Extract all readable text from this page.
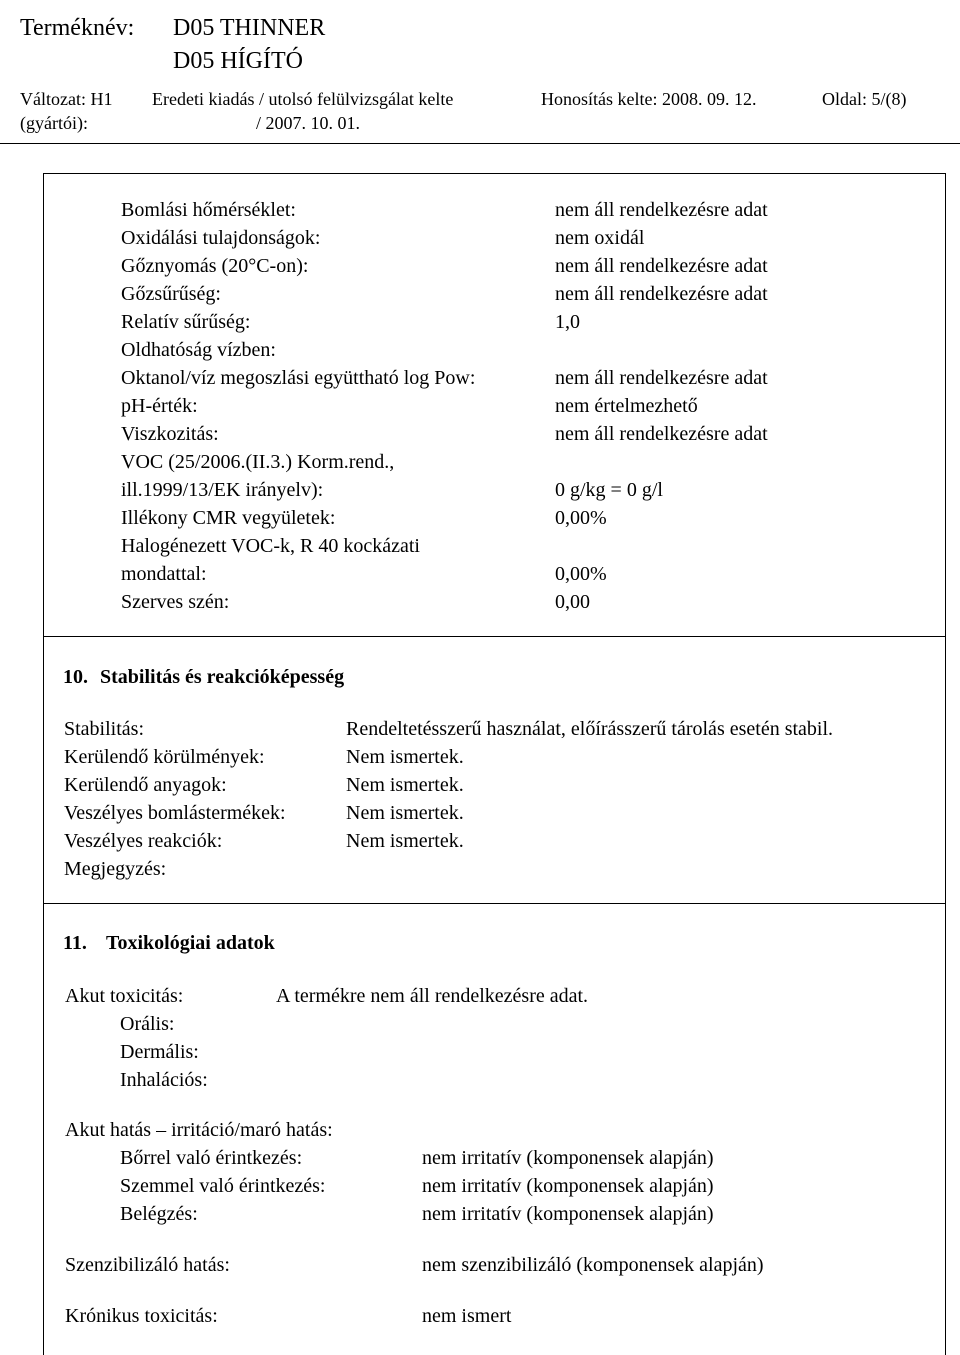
Terméknév: D05 THINNER
D05 HÍGÍTÓ
Változat: H1 Eredeti kiadás / utolsó felülvizsgálat kelte	Honosítás kelte: 2008. 09. 12.	Oldal: 5/(8)
(gyártói):	/ 2007. 10. 01.
Bomlási hőmérséklet:	nem áll rendelkezésre adat
Oxidálási tulajdonságok:	nem oxidál
Gőznyomás (20°C-on):	nem áll rendelkezésre adat
Gőzsűrűség:	nem áll rendelkezésre adat
Relatív sűrűség:	1,0
Oldhatóság vízben:
Oktanol/víz megoszlási együttható log Pow:	nem áll rendelkezésre adat
pH-érték:	nem értelmezhető
Viszkozitás:	nem áll rendelkezésre adat
VOC (25/2006.(II.3.) Korm.rend.,
ill.1999/13/EK irányelv):	0 g/kg = 0 g/l
Illékony CMR vegyületek:	0,00%
Halogénezett VOC-k, R 40 kockázati
mondattal:	0,00%
Szerves szén:	0,00
10. Stabilitás és reakcióképesség
Stabilitás:	Rendeltetésszerű használat, előírásszerű tárolás esetén stabil.
Kerülendő körülmények:	Nem ismertek.
Kerülendő anyagok:	Nem ismertek.
Veszélyes bomlástermékek:	Nem ismertek.
Veszélyes reakciók:	Nem ismertek.
Megjegyzés:
11. Toxikológiai adatok
Akut toxicitás:	A termékre nem áll rendelkezésre adat.
Orális:
Dermális:
Inhalációs:
Akut hatás – irritáció/maró hatás:
Bőrrel való érintkezés:	nem irritatív (komponensek alapján)
Szemmel való érintkezés:	nem irritatív (komponensek alapján)
Belégzés:	nem irritatív (komponensek alapján)
Szenzibilizáló hatás:	nem szenzibilizáló (komponensek alapján)
Krónikus toxicitás:	nem ismert
